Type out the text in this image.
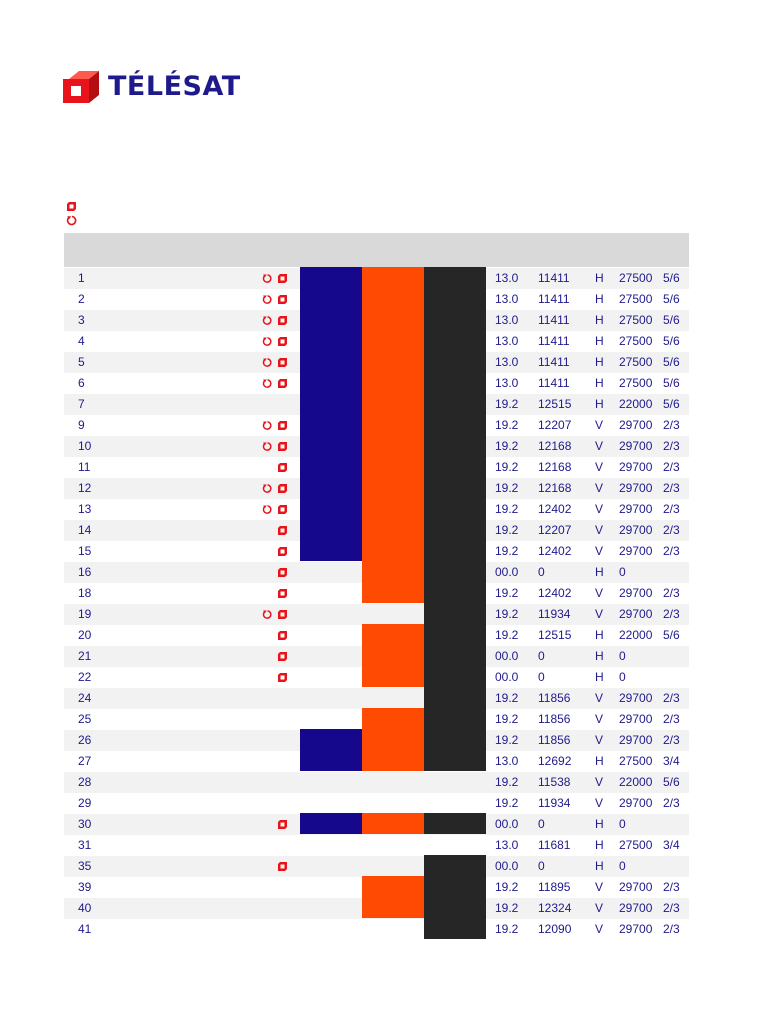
TÉLÉSAT
1	13.0 11411 H 27500 5/6
2	13.0 11411 H 27500 5/6
3	13.0 11411 H 27500 5/6
4	13.0 11411 H 27500 5/6
5	13.0 11411 H 27500 5/6
6	13.0 11411 H 27500 5/6
7	19.2 12515 H 22000 5/6
9	19.2 12207 V 29700 2/3
10	19.2 12168 V 29700 2/3
11	19.2 12168 V 29700 2/3
12	19.2 12168 V 29700 2/3
13	19.2 12402 V 29700 2/3
14	19.2 12207 V 29700 2/3
15	19.2 12402 V 29700 2/3
16	00.0 0	H 0
18	19.2 12402 V 29700 2/3
19	19.2 11934 V 29700 2/3
20	19.2 12515 H 22000 5/6
21	00.0 0	H 0
22	00.0 0	H 0
24	19.2 11856 V 29700 2/3
25	19.2 11856 V 29700 2/3
26	19.2 11856 V 29700 2/3
27	13.0 12692 H 27500 3/4
28	19.2 11538 V 22000 5/6
29	19.2 11934 V 29700 2/3
30	00.0 0	H 0
31	13.0 11681 H 27500 3/4
35	00.0 0	H 0
39	19.2 11895 V 29700 2/3
40	19.2 12324 V 29700 2/3
41	19.2 12090 V 29700 2/3
